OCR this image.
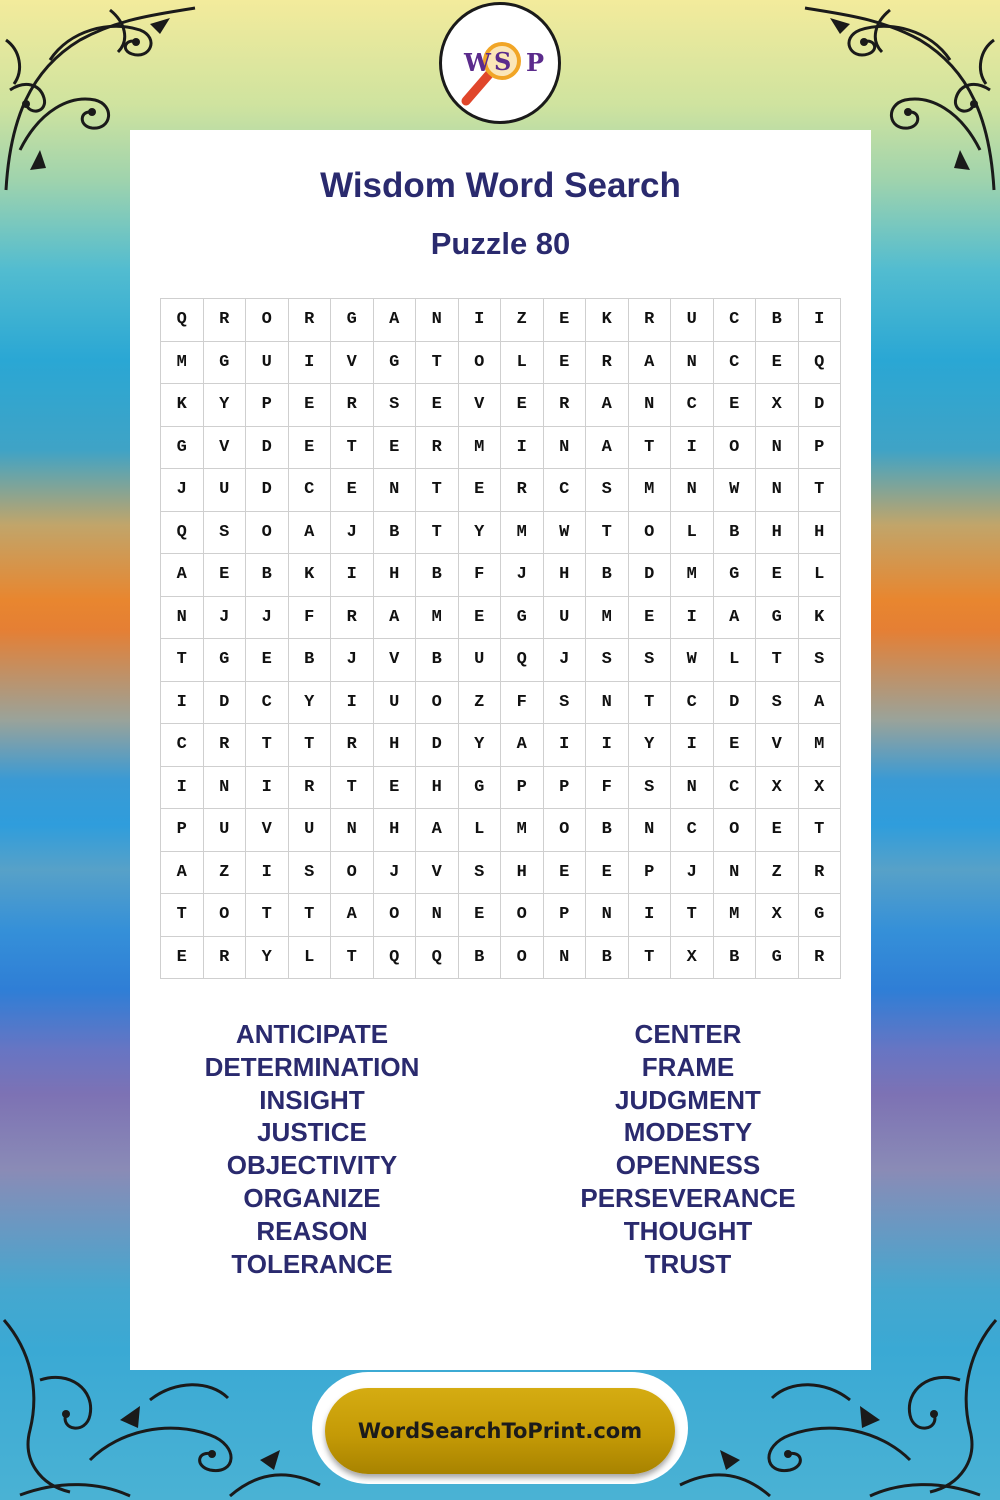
Wisdom Word Search
Puzzle 80
Q	R	O	R	G	A	N	I	Z	E	K	R	U	C	B	I
M	G	U	I	V	G	T	O	L	E	R	A	N	C	E	Q
K	Y	P	E	R	S	E	V	E	R	A	N	C	E	X	D
G	V	D	E	T	E	R	M	I	N	A	T	I	O	N	P
J	U	D	C	E	N	T	E	R	C	S	M	N	W	N	T
Q	S	O	A	J	B	T	Y	M	W	T	O	L	B	H	H
A	E	B	K	I	H	B	F	J	H	B	D	M	G	E	L
N	J	J	F	R	A	M	E	G	U	M	E	I	A	G	K
T	G	E	B	J	V	B	U	Q	J	S	S	W	L	T	S
I	D	C	Y	I	U	O	Z	F	S	N	T	C	D	S	A
C	R	T	T	R	H	D	Y	A	I	I	Y	I	E	V	M
I	N	I	R	T	E	H	G	P	P	F	S	N	C	X	X
P	U	V	U	N	H	A	L	M	O	B	N	C	O	E	T
A	Z	I	S	O	J	V	S	H	E	E	P	J	N	Z	R
T	O	T	T	A	O	N	E	O	P	N	I	T	M	X	G
E	R	Y	L	T	Q	Q	B	O	N	B	T	X	B	G	R
ANTICIPATE
DETERMINATION
INSIGHT
JUSTICE
OBJECTIVITY
ORGANIZE
REASON
TOLERANCE
CENTER
FRAME
JUDGMENT
MODESTY
OPENNESS
PERSEVERANCE
THOUGHT
TRUST
W S P
WordSearchToPrint.com
